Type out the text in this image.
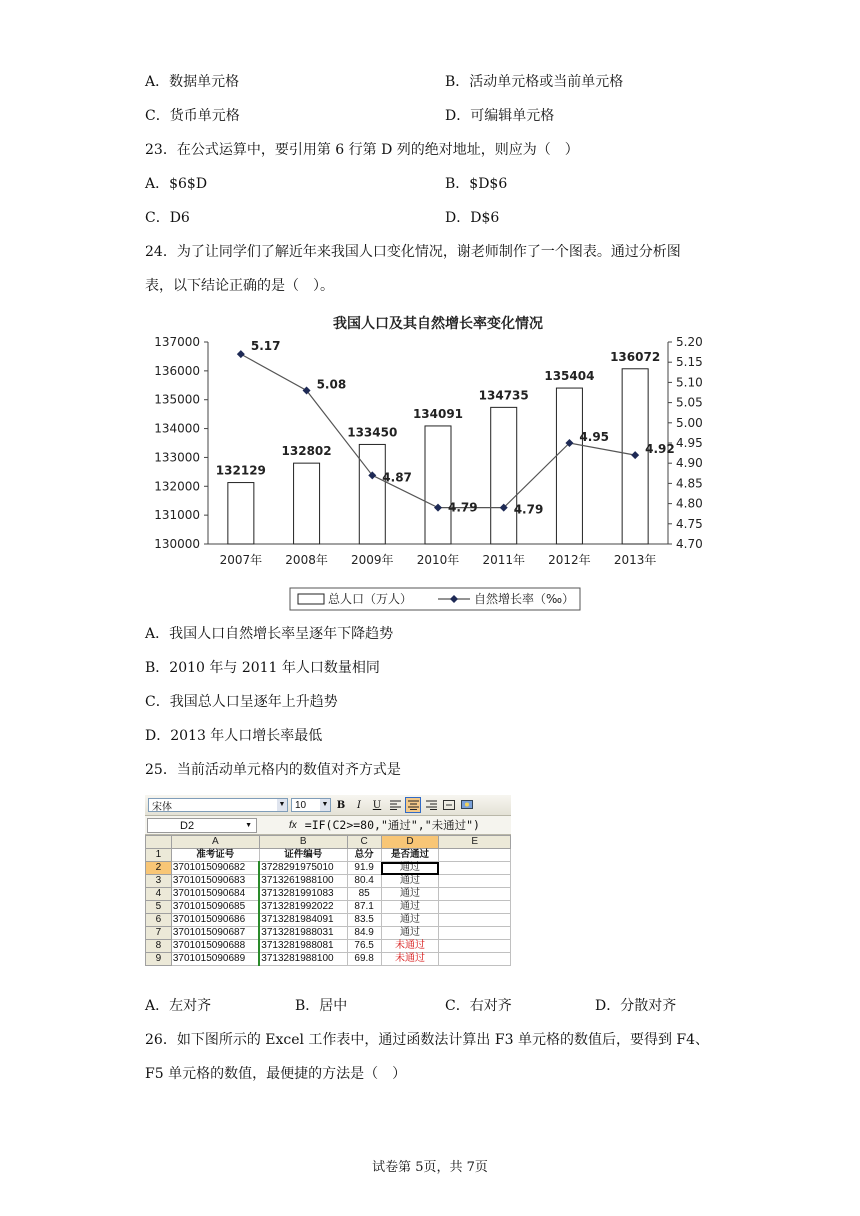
A．数据单元格	B．活动单元格或当前单元格
C．货币单元格	D．可编辑单元格
23．在公式运算中，要引用第 6 行第 D 列的绝对地址，则应为（　）
A．$6$D	B．$D$6
C．D6	D．D$6
24．为了让同学们了解近年来我国人口变化情况，谢老师制作了一个图表。通过分析图
表，以下结论正确的是（　）。
我国人口及其自然增长率变化情况
130000
131000
132000
133000
134000
135000
136000
137000
4.70
4.75
4.80
4.85
4.90
4.95
5.00
5.05
5.10
5.15
5.20
132129
2007年
132802
2008年
133450
2009年
134091
2010年
134735
2011年
135404
2012年
136072
2013年
5.17
5.08
4.87
4.79	4.79
4.95
4.92
总人口（万人）	自然增长率（‰）
A．我国人口自然增长率呈逐年下降趋势
B．2010 年与 2011 年人口数量相同
C．我国总人口呈逐年上升趋势
D．2013 年人口增长率最低
25．当前活动单元格内的数值对齐方式是
宋体	▼ 10 ▼ B	I	U
D2	▼	fx =IF(C2>=80,"通过","未通过")
	A	B	C	D	E
1	准考证号	证件编号	总分	是否通过	
2	3701015090682	3728291975010	91.9	通过	
3	3701015090683	3713261988100	80.4	通过	
4	3701015090684	3713281991083	85	通过	
5	3701015090685	3713281992022	87.1	通过	
6	3701015090686	3713281984091	83.5	通过	
7	3701015090687	3713281988031	84.9	通过	
8	3701015090688	3713281988081	76.5	未通过	
9	3701015090689	3713281988100	69.8	未通过	
A．左对齐	B．居中	C．右对齐	D．分散对齐
26．如下图所示的 Excel 工作表中，通过函数法计算出 F3 单元格的数值后，要得到 F4、
F5 单元格的数值，最便捷的方法是（　）
试卷第 5页，共 7页
